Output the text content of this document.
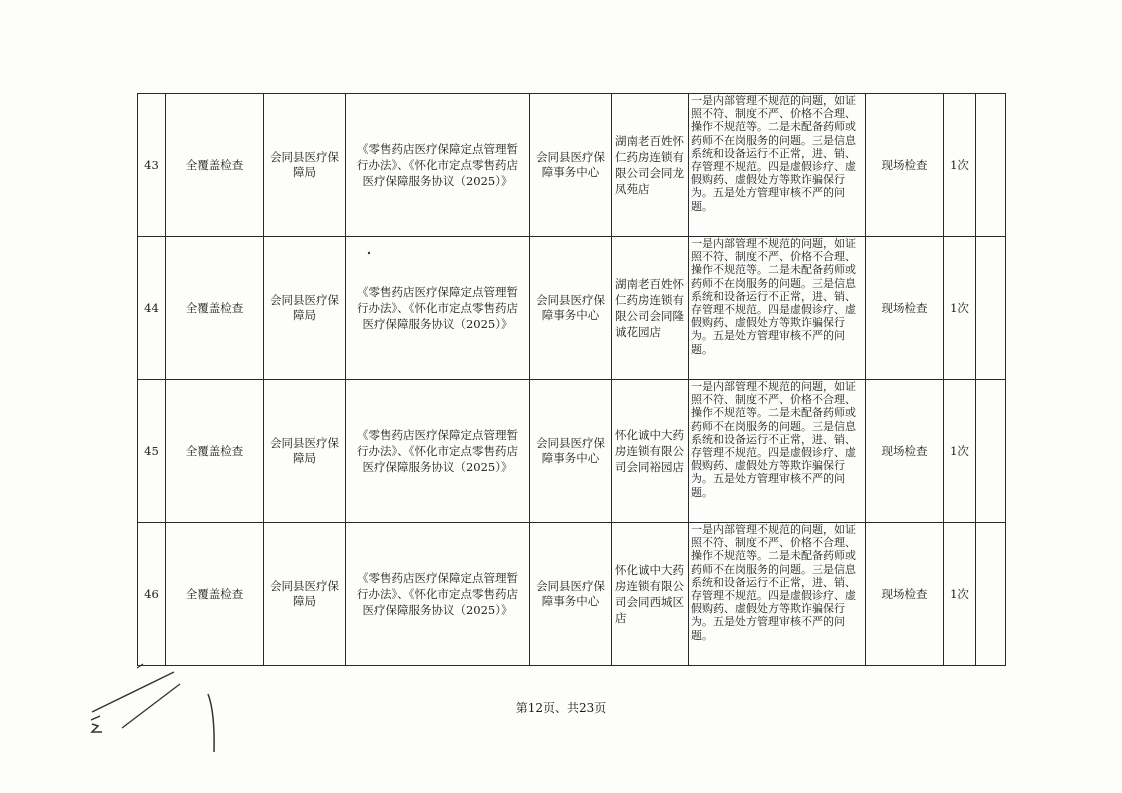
43	全覆盖检查	会同县医疗保障局	《零售药店医疗保障定点管理暂行办法》、《怀化市定点零售药店医疗保障服务协议（2025）》	会同县医疗保障事务中心	湖南老百姓怀仁药房连锁有限公司会同龙凤苑店	一是内部管理不规范的问题，如证照不符、制度不严、价格不合理、操作不规范等。二是未配备药师或药师不在岗服务的问题。三是信息系统和设备运行不正常，进、销、存管理不规范。四是虚假诊疗、虚假购药、虚假处方等欺诈骗保行为。五是处方管理审核不严的问题。	现场检查	1次	
44	全覆盖检查	会同县医疗保障局	《零售药店医疗保障定点管理暂行办法》、《怀化市定点零售药店医疗保障服务协议（2025）》	会同县医疗保障事务中心	湖南老百姓怀仁药房连锁有限公司会同隆诚花园店	一是内部管理不规范的问题，如证照不符、制度不严、价格不合理、操作不规范等。二是未配备药师或药师不在岗服务的问题。三是信息系统和设备运行不正常，进、销、存管理不规范。四是虚假诊疗、虚假购药、虚假处方等欺诈骗保行为。五是处方管理审核不严的问题。	现场检查	1次	
45	全覆盖检查	会同县医疗保障局	《零售药店医疗保障定点管理暂行办法》、《怀化市定点零售药店医疗保障服务协议（2025）》	会同县医疗保障事务中心	怀化诚中大药房连锁有限公司会同裕园店	一是内部管理不规范的问题，如证照不符、制度不严、价格不合理、操作不规范等。二是未配备药师或药师不在岗服务的问题。三是信息系统和设备运行不正常，进、销、存管理不规范。四是虚假诊疗、虚假购药、虚假处方等欺诈骗保行为。五是处方管理审核不严的问题。	现场检查	1次	
46	全覆盖检查	会同县医疗保障局	《零售药店医疗保障定点管理暂行办法》、《怀化市定点零售药店医疗保障服务协议（2025）》	会同县医疗保障事务中心	怀化诚中大药房连锁有限公司会同西城区店	一是内部管理不规范的问题，如证照不符、制度不严、价格不合理、操作不规范等。二是未配备药师或药师不在岗服务的问题。三是信息系统和设备运行不正常，进、销、存管理不规范。四是虚假诊疗、虚假购药、虚假处方等欺诈骗保行为。五是处方管理审核不严的问题。	现场检查	1次	
第12页、共23页
